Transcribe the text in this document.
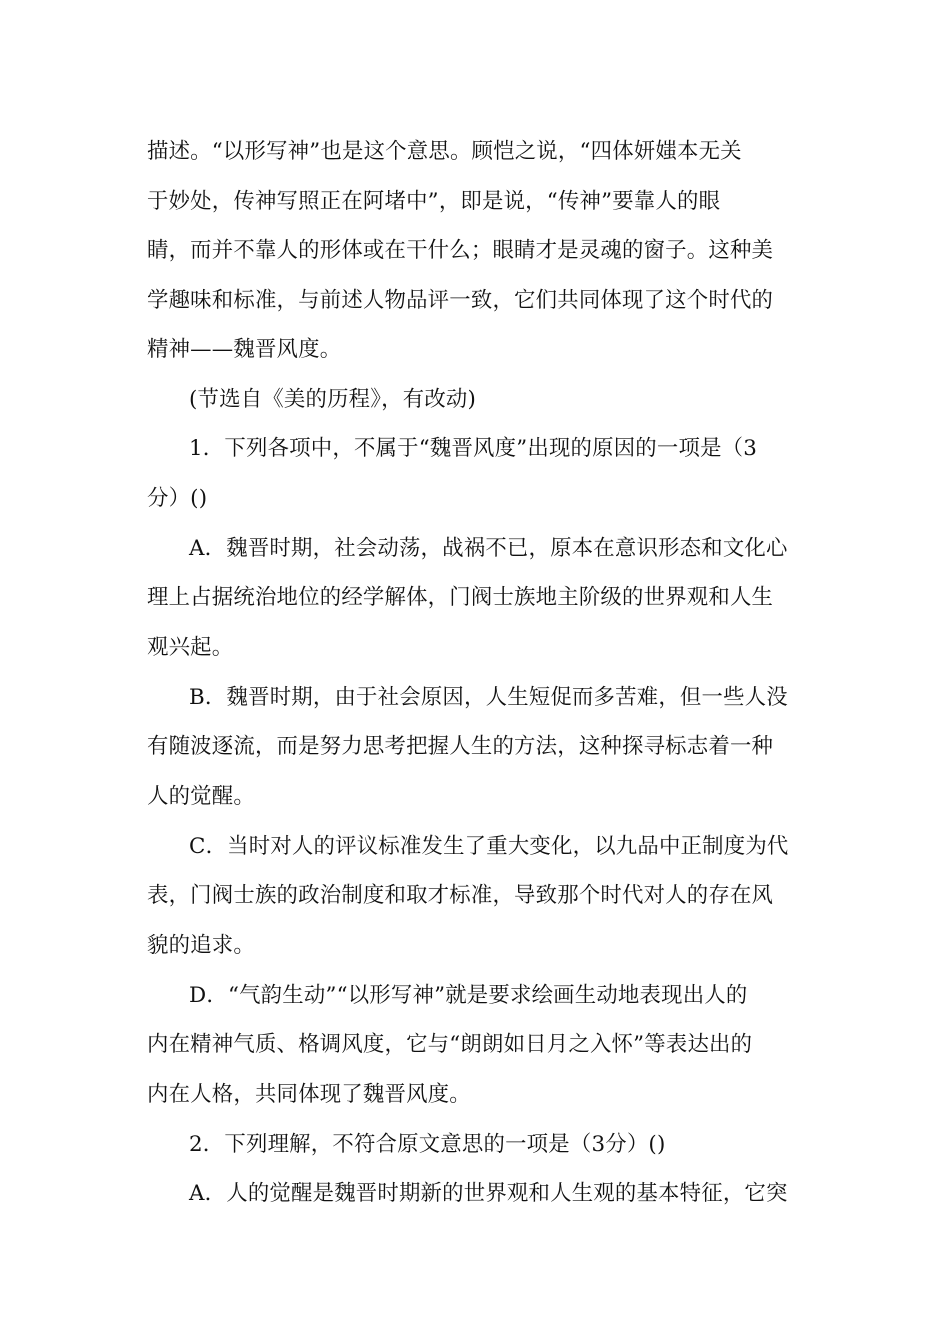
描述。“以形写神”也是这个意思。顾恺之说，“四体妍媸本无关
于妙处，传神写照正在阿堵中”，即是说，“传神”要靠人的眼
睛，而并不靠人的形体或在干什么；眼睛才是灵魂的窗子。这种美
学趣味和标准，与前述人物品评一致，它们共同体现了这个时代的
精神——魏晋风度。
(节选自《美的历程》，有改动)
1．下列各项中，不属于“魏晋风度”出现的原因的一项是（3
分）()
A．魏晋时期，社会动荡，战祸不已，原本在意识形态和文化心
理上占据统治地位的经学解体，门阀士族地主阶级的世界观和人生
观兴起。
B．魏晋时期，由于社会原因，人生短促而多苦难，但一些人没
有随波逐流，而是努力思考把握人生的方法，这种探寻标志着一种
人的觉醒。
C．当时对人的评议标准发生了重大变化，以九品中正制度为代
表，门阀士族的政治制度和取才标准，导致那个时代对人的存在风
貌的追求。
D．“气韵生动”“以形写神”就是要求绘画生动地表现出人的
内在精神气质、格调风度，它与“朗朗如日月之入怀”等表达出的
内在人格，共同体现了魏晋风度。
2．下列理解，不符合原文意思的一项是（3分）()
A．人的觉醒是魏晋时期新的世界观和人生观的基本特征，它突
